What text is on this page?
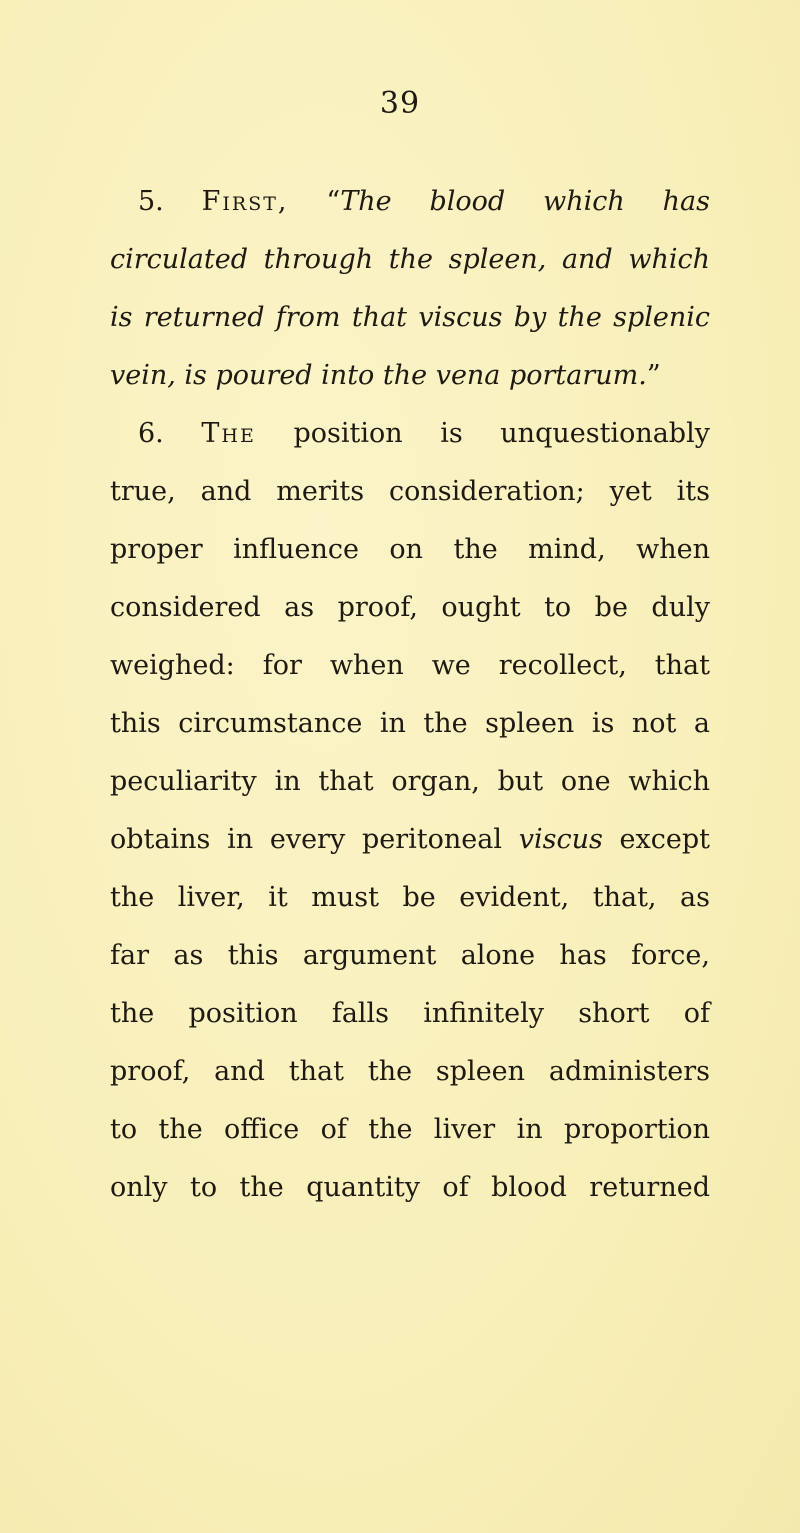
39
5. First, “The blood which has
circulated through the spleen, and which
is returned from that viscus by the splenic
vein, is poured into the vena portarum.”
6. The position is unquestionably
true, and merits consideration; yet its
proper influence on the mind, when
considered as proof, ought to be duly
weighed: for when we recollect, that
this circumstance in the spleen is not a
peculiarity in that organ, but one which
obtains in every peritoneal viscus except
the liver, it must be evident, that, as
far as this argument alone has force,
the position falls infinitely short of
proof, and that the spleen administers
to the office of the liver in proportion
only to the quantity of blood returned
